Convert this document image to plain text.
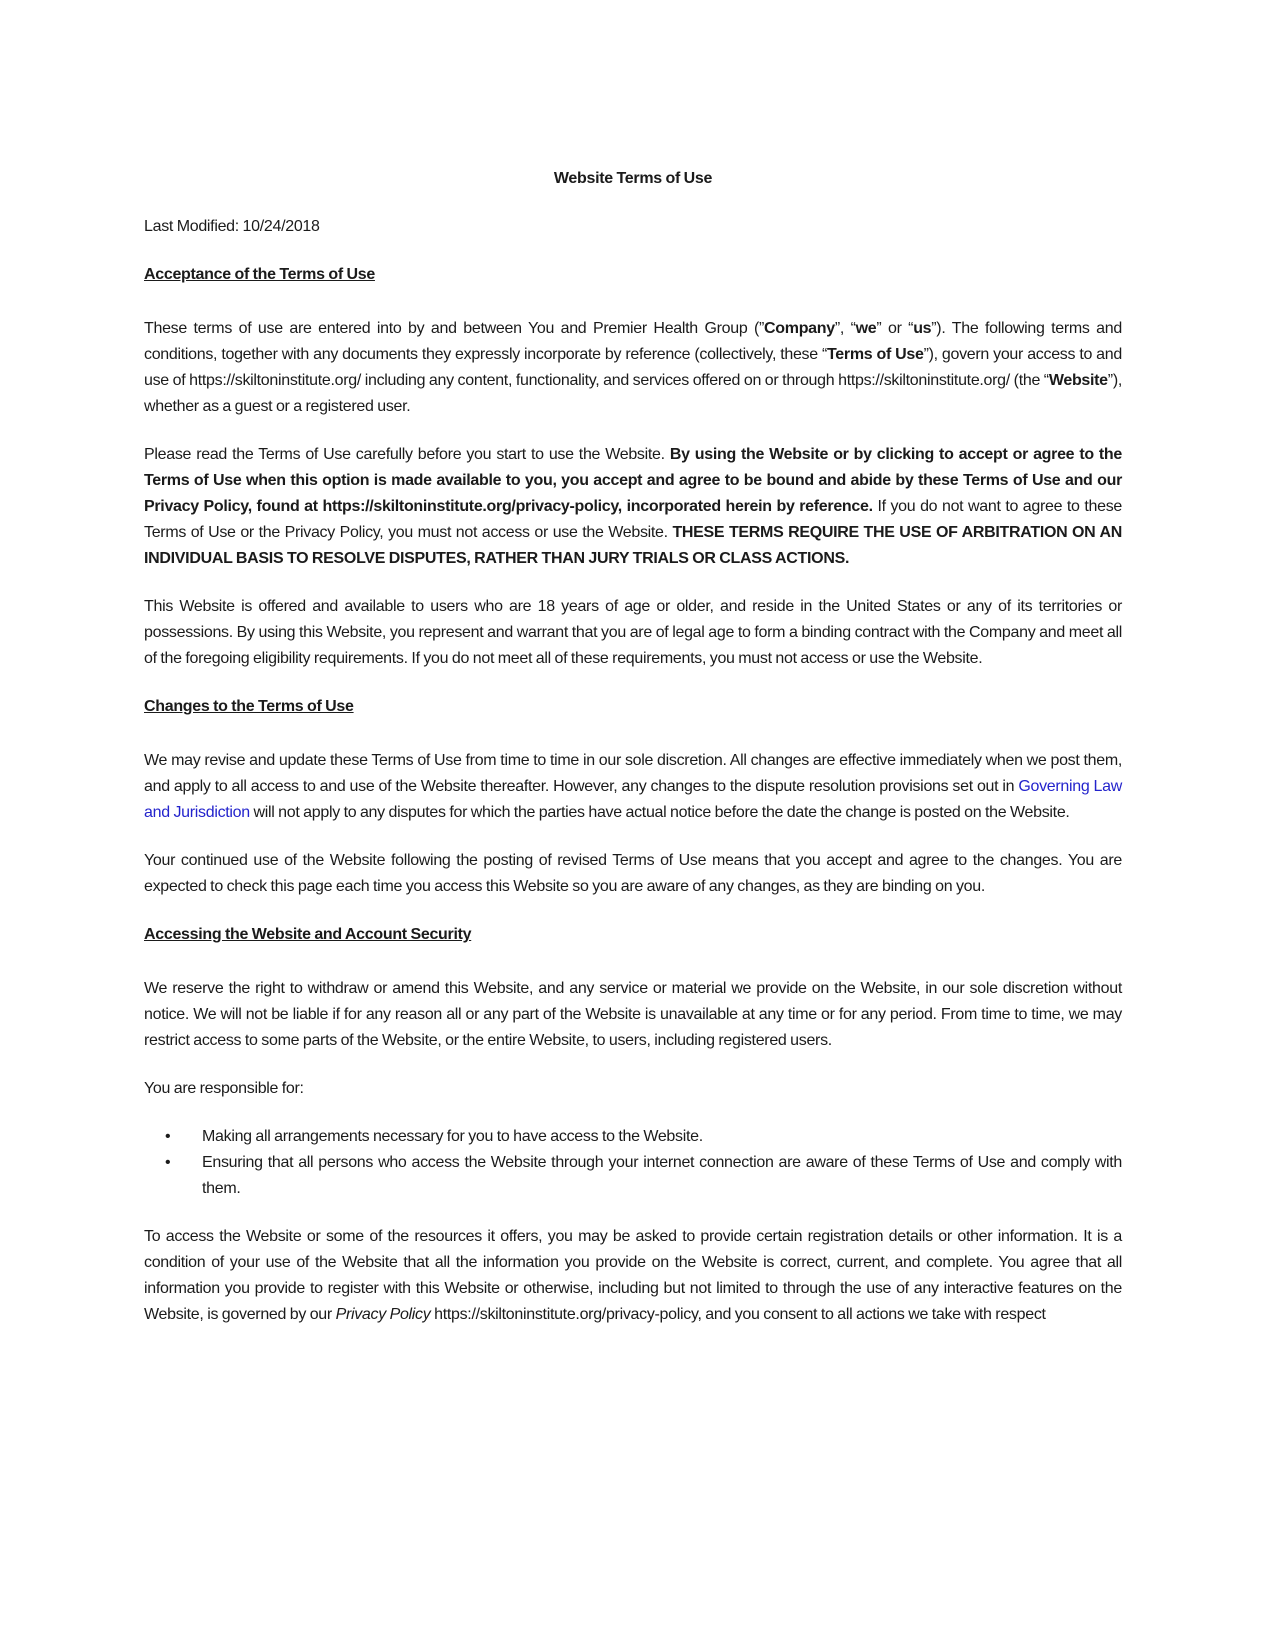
Website Terms of Use

Last Modified: 10/24/2018

Acceptance of the Terms of Use

These terms of use are entered into by and between You and Premier Health Group (”Company”, “we” or “us”). The following terms and conditions, together with any documents they expressly incorporate by reference (collectively, these “Terms of Use”), govern your access to and use of https://skiltoninstitute.org/ including any content, functionality, and services offered on or through https://skiltoninstitute.org/ (the “Website”), whether as a guest or a registered user.

Please read the Terms of Use carefully before you start to use the Website. By using the Website or by clicking to accept or agree to the Terms of Use when this option is made available to you, you accept and agree to be bound and abide by these Terms of Use and our Privacy Policy, found at https://skiltoninstitute.org/privacy-policy, incorporated herein by reference. If you do not want to agree to these Terms of Use or the Privacy Policy, you must not access or use the Website. THESE TERMS REQUIRE THE USE OF ARBITRATION ON AN INDIVIDUAL BASIS TO RESOLVE DISPUTES, RATHER THAN JURY TRIALS OR CLASS ACTIONS.

This Website is offered and available to users who are 18 years of age or older, and reside in the United States or any of its territories or possessions. By using this Website, you represent and warrant that you are of legal age to form a binding contract with the Company and meet all of the foregoing eligibility requirements. If you do not meet all of these requirements, you must not access or use the Website.

Changes to the Terms of Use

We may revise and update these Terms of Use from time to time in our sole discretion. All changes are effective immediately when we post them, and apply to all access to and use of the Website thereafter. However, any changes to the dispute resolution provisions set out in Governing Law and Jurisdiction will not apply to any disputes for which the parties have actual notice before the date the change is posted on the Website.

Your continued use of the Website following the posting of revised Terms of Use means that you accept and agree to the changes. You are expected to check this page each time you access this Website so you are aware of any changes, as they are binding on you.

Accessing the Website and Account Security

We reserve the right to withdraw or amend this Website, and any service or material we provide on the Website, in our sole discretion without notice. We will not be liable if for any reason all or any part of the Website is unavailable at any time or for any period. From time to time, we may restrict access to some parts of the Website, or the entire Website, to users, including registered users.

You are responsible for:

• Making all arrangements necessary for you to have access to the Website.
• Ensuring that all persons who access the Website through your internet connection are aware of these Terms of Use and comply with them.

To access the Website or some of the resources it offers, you may be asked to provide certain registration details or other information. It is a condition of your use of the Website that all the information you provide on the Website is correct, current, and complete. You agree that all information you provide to register with this Website or otherwise, including but not limited to through the use of any interactive features on the Website, is governed by our Privacy Policy https://skiltoninstitute.org/privacy-policy, and you consent to all actions we take with respect
